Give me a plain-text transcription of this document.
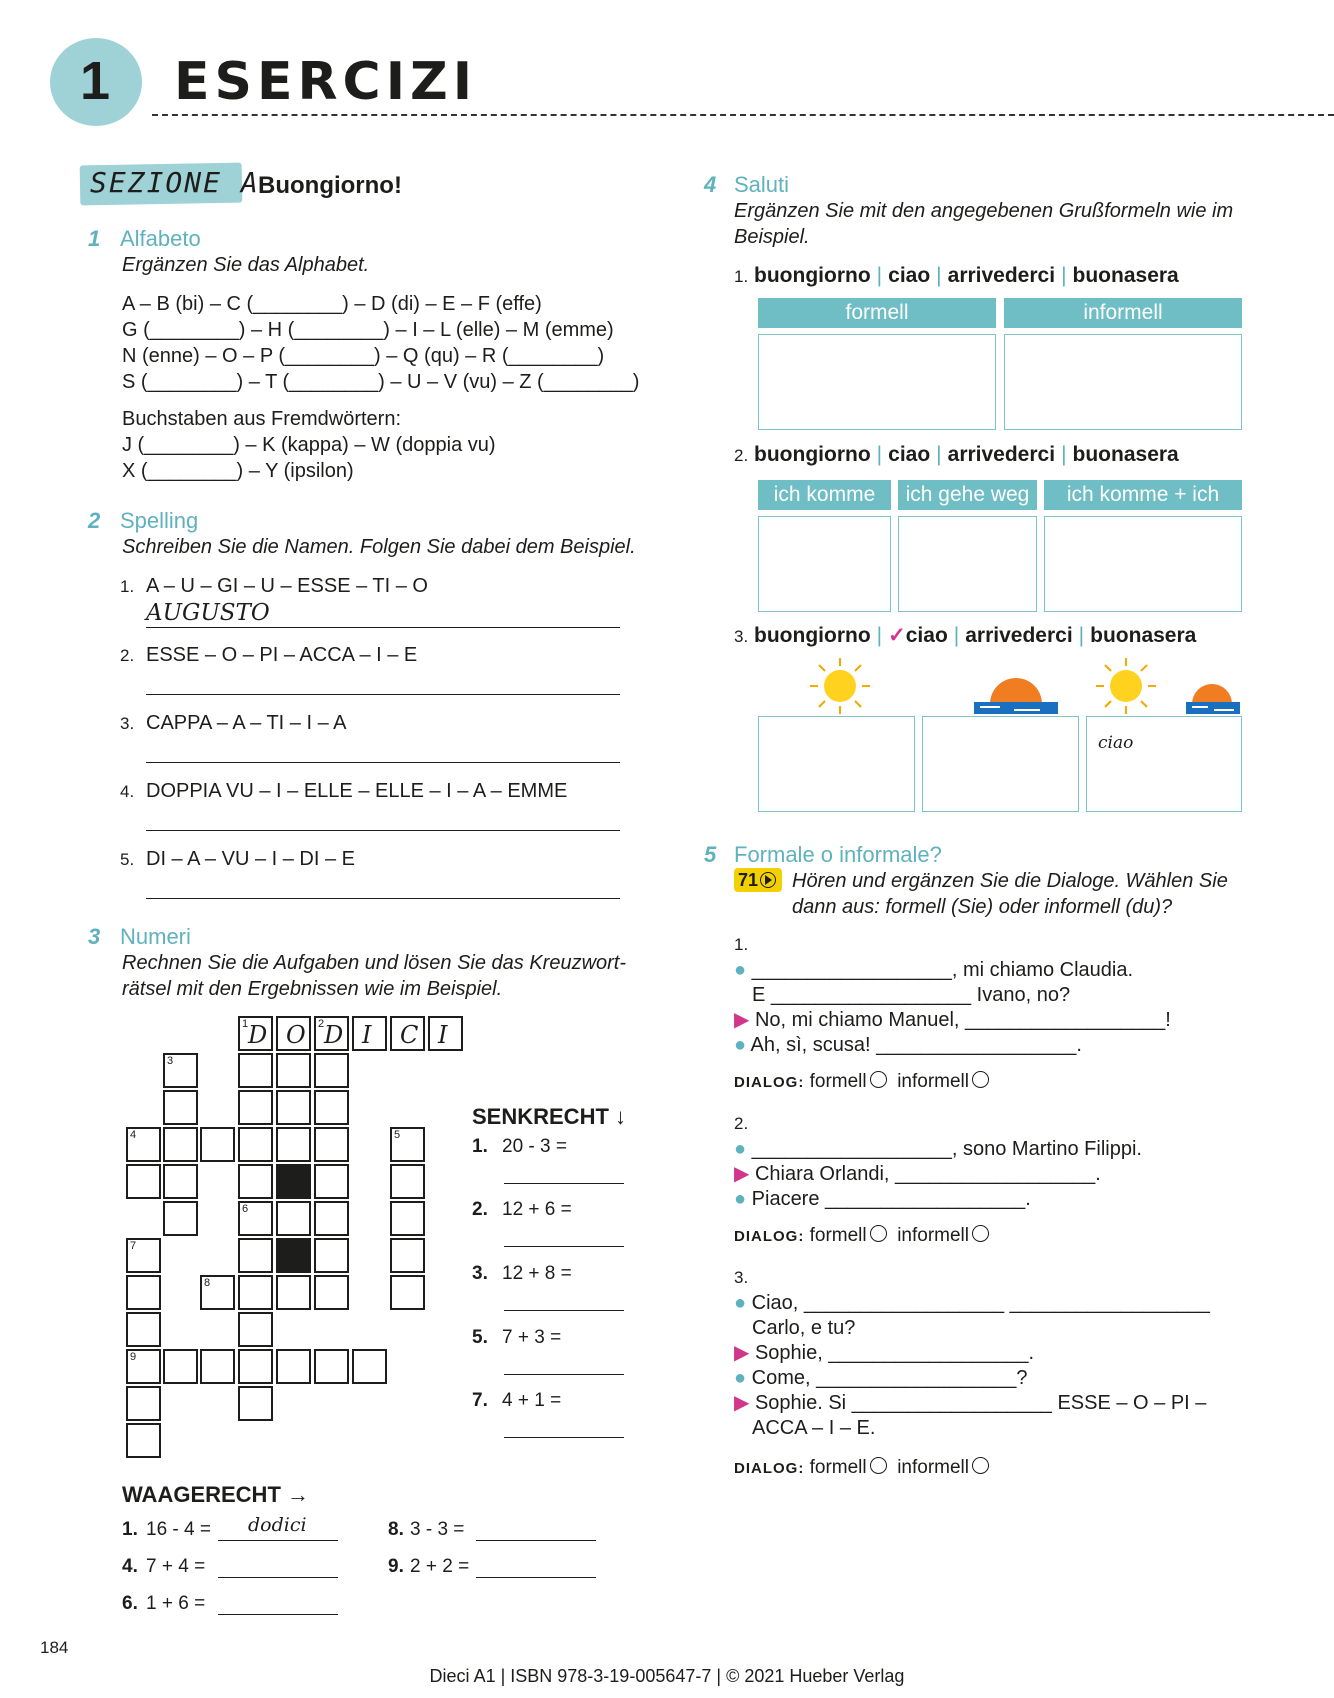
1 ESERCIZI
SEZIONE A
Buongiorno!
1 Alfabeto
Ergänzen Sie das Alphabet.
A – B (bi) – C (________) – D (di) – E – F (effe)
G (________) – H (________) – I – L (elle) – M (emme)
N (enne) – O – P (________) – Q (qu) – R (________)
S (________) – T (________) – U – V (vu) – Z (________)
Buchstaben aus Fremdwörtern:
J (________) – K (kappa) – W (doppia vu)
X (________) – Y (ipsilon)
2 Spelling
Schreiben Sie die Namen. Folgen Sie dabei dem Beispiel.
1. A – U – GI – U – ESSE – TI – O
AUGUSTO
2. ESSE – O – PI – ACCA – I – E
3. CAPPA – A – TI – I – A
4. DOPPIA VU – I – ELLE – ELLE – I – A – EMME
5. DI – A – VU – I – DI – E
3 Numeri
Rechnen Sie die Aufgaben und lösen Sie das Kreuzwort-
rätsel mit den Ergebnissen wie im Beispiel.
1 D O 2 D I C I
3
4	5
6
7
8
9
SENKRECHT ↓
1. 20 - 3 =
2. 12 + 6 =
3. 12 + 8 =
5. 7 + 3 =
7. 4 + 1 =
WAAGERECHT →
1. 16 - 4 = dodici	8. 3 - 3 =
4. 7 + 4 =	9. 2 + 2 =
6. 1 + 6 =
4 Saluti
Ergänzen Sie mit den angegebenen Grußformeln wie im
Beispiel.
1. buongiorno | ciao | arrivederci | buonasera
formell	informell
2. buongiorno | ciao | arrivederci | buonasera
ich komme	ich gehe weg	ich komme + ich gehe
3. buongiorno | ✓ciao | arrivederci | buonasera
ciao
5 Formale o informale?
71	Hören und ergänzen Sie die Dialoge. Wählen Sie
dann aus: formell (Sie) oder informell (du)?
1.
● __________________, mi chiamo Claudia.
E __________________ Ivano, no?
▶ No, mi chiamo Manuel, __________________!
● Ah, sì, scusa! __________________.
DIALOG: formell informell
2.
● __________________, sono Martino Filippi.
▶ Chiara Orlandi, __________________.
● Piacere __________________.
DIALOG: formell informell
3.
● Ciao, __________________ __________________
Carlo, e tu?
▶ Sophie, __________________.
● Come, __________________?
▶ Sophie. Si __________________ ESSE – O – PI –
ACCA – I – E.
DIALOG: formell informell
184
Dieci A1 | ISBN 978-3-19-005647-7 | © 2021 Hueber Verlag
